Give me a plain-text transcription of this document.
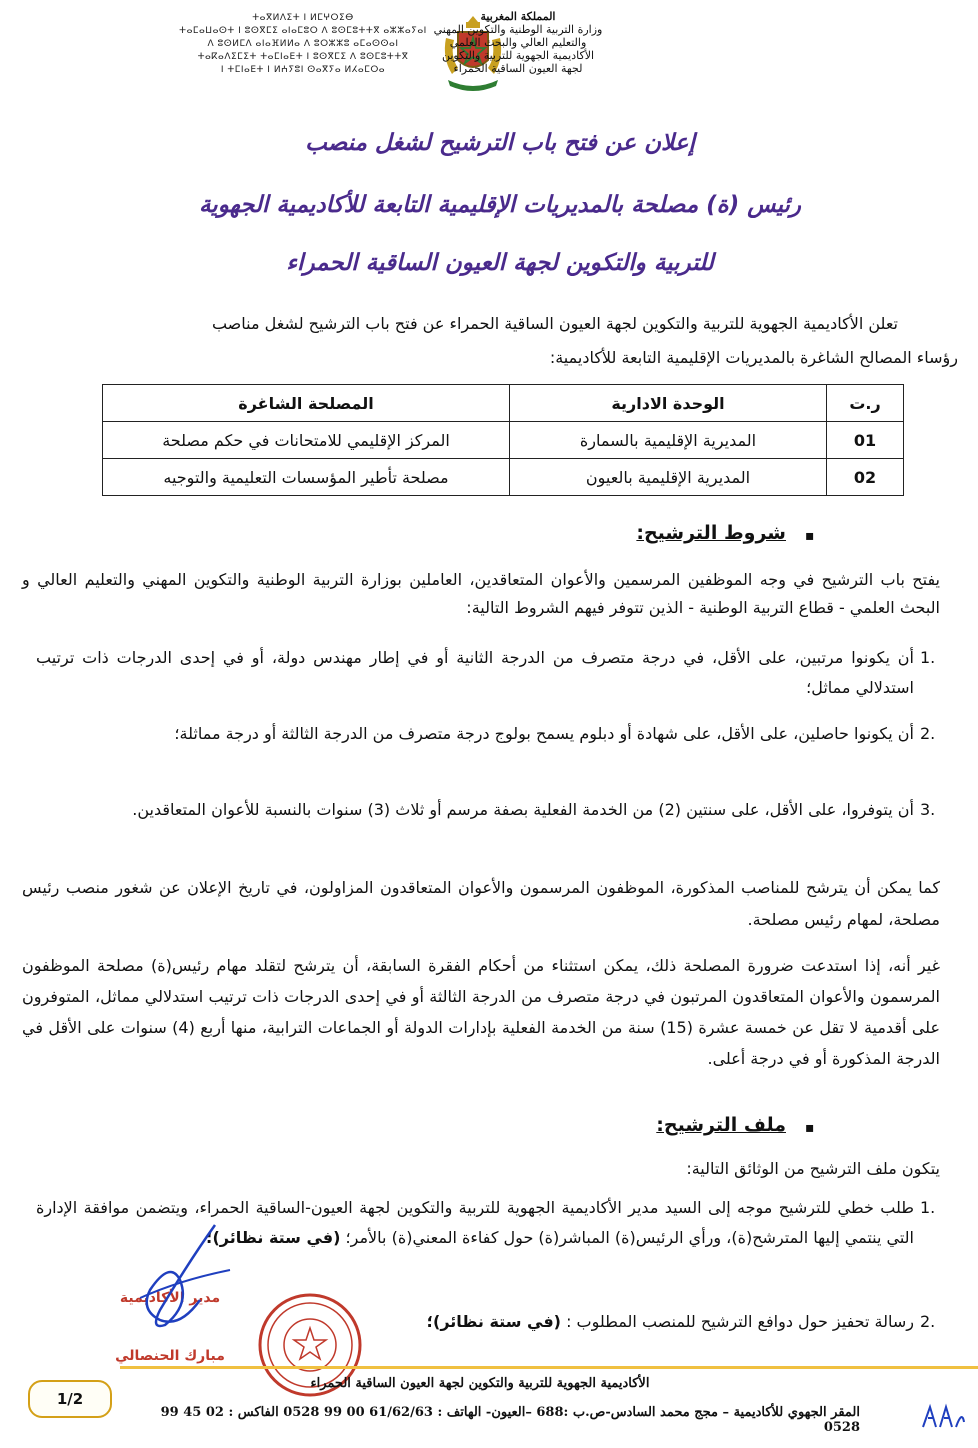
ⵜⴰⴳⵍⴷⵉⵜ ⵏ ⵍⵎⵖⵔⵉⴱ
ⵜⴰⵎⴰⵡⴰⵙⵜ ⵏ ⵓⵙⴳⵎⵉ ⴰⵏⴰⵎⵓⵔ ⴷ ⵓⵙⵎⵓⵜⵜⴳ ⴰⵣⵣⴰⵢⴰⵏ
ⴷ ⵓⵙⵍⵎⴷ ⴰⵏⴰⴼⵍⵍⴰ ⴷ ⵓⵔⵣⵣⵓ ⴰⵎⴰⵙⵙⴰⵏ
ⵜⴰⴽⴰⴷⵉⵎⵉⵜ ⵜⴰⵎⵏⴰⴹⵜ ⵏ ⵓⵙⴳⵎⵉ ⴷ ⵓⵙⵎⵓⵜⵜⴳ
ⵏ ⵜⵎⵏⴰⴹⵜ ⵏ ⵍⵄⵢⵓⵏ ⵙⴰⴳⵢⴰ ⵍⵃⴰⵎⵔⴰ
المملكة المغربية
وزارة التربية الوطنية والتكوين المهني
والتعليم العالي والبحث العلمي
الأكاديمية الجهوية للتربية والتكوين
لجهة العيون الساقية الحمراء
إعلان عن فتح باب الترشيح لشغل منصب
رئيس (ة) مصلحة بالمديريات الإقليمية التابعة للأكاديمية الجهوية
للتربية والتكوين لجهة العيون الساقية الحمراء
تعلن الأكاديمية الجهوية للتربية والتكوين لجهة العيون الساقية الحمراء عن فتح باب الترشيح لشغل مناصب
رؤساء المصالح الشاغرة بالمديريات الإقليمية التابعة للأكاديمية:
ر.ت	الوحدة الادارية	المصلحة الشاغرة
01	المديرية الإقليمية بالسمارة	المركز الإقليمي للامتحانات في حكم مصلحة
02	المديرية الإقليمية بالعيون	مصلحة تأطير المؤسسات التعليمية والتوجيه
▪
شروط الترشيح:
يفتح باب الترشيح في وجه الموظفين المرسمين والأعوان المتعاقدين، العاملين بوزارة التربية الوطنية والتكوين المهني والتعليم العالي و البحث العلمي - قطاع التربية الوطنية - الذين تتوفر فيهم الشروط التالية:
1.
أن يكونوا مرتبين، على الأقل، في درجة متصرف من الدرجة الثانية أو في إطار مهندس دولة، أو في إحدى الدرجات ذات ترتيب استدلالي مماثل؛
2.
أن يكونوا حاصلين، على الأقل، على شهادة أو دبلوم يسمح بولوج درجة متصرف من الدرجة الثالثة أو درجة مماثلة؛
3.
أن يتوفروا، على الأقل، على سنتين (2) من الخدمة الفعلية بصفة مرسم أو ثلاث (3) سنوات بالنسبة للأعوان المتعاقدين.
كما يمكن أن يترشح للمناصب المذكورة، الموظفون المرسمون والأعوان المتعاقدون المزاولون، في تاريخ الإعلان عن شغور منصب رئيس مصلحة، لمهام رئيس مصلحة.
غير أنه، إذا استدعت ضرورة المصلحة ذلك، يمكن استثناء من أحكام الفقرة السابقة، أن يترشح لتقلد مهام رئيس(ة) مصلحة الموظفون المرسمون والأعوان المتعاقدون المرتبون في درجة متصرف من الدرجة الثالثة أو في إحدى الدرجات ذات ترتيب استدلالي مماثل، المتوفرون على أقدمية لا تقل عن خمسة عشرة (15) سنة من الخدمة الفعلية بإدارات الدولة أو الجماعات الترابية، منها أربع (4) سنوات على الأقل في الدرجة المذكورة أو في درجة أعلى.
▪
ملف الترشيح:
يتكون ملف الترشيح من الوثائق التالية:
1.
طلب خطي للترشيح موجه إلى السيد مدير الأكاديمية الجهوية للتربية والتكوين لجهة العيون-الساقية الحمراء، ويتضمن موافقة الإدارة التي ينتمي إليها المترشح(ة)، ورأي الرئيس(ة) المباشر(ة) حول كفاءة المعني(ة) بالأمر؛ (في ستة نظائر)؛
2.
رسالة تحفيز حول دوافع الترشيح للمنصب المطلوب : (في ستة نظائر)؛
مدير الأكاديمية
مبارك الحنصالي
1/2
الأكاديمية الجهوية للتربية والتكوين لجهة العيون الساقية الحمراء
المقر الجهوي للأكاديمية – مجج محمد السادس-ص.ب :688 –العيون- الهاتف : 61/62/63 00 99 0528 الفاكس : 02 45 99 0528
